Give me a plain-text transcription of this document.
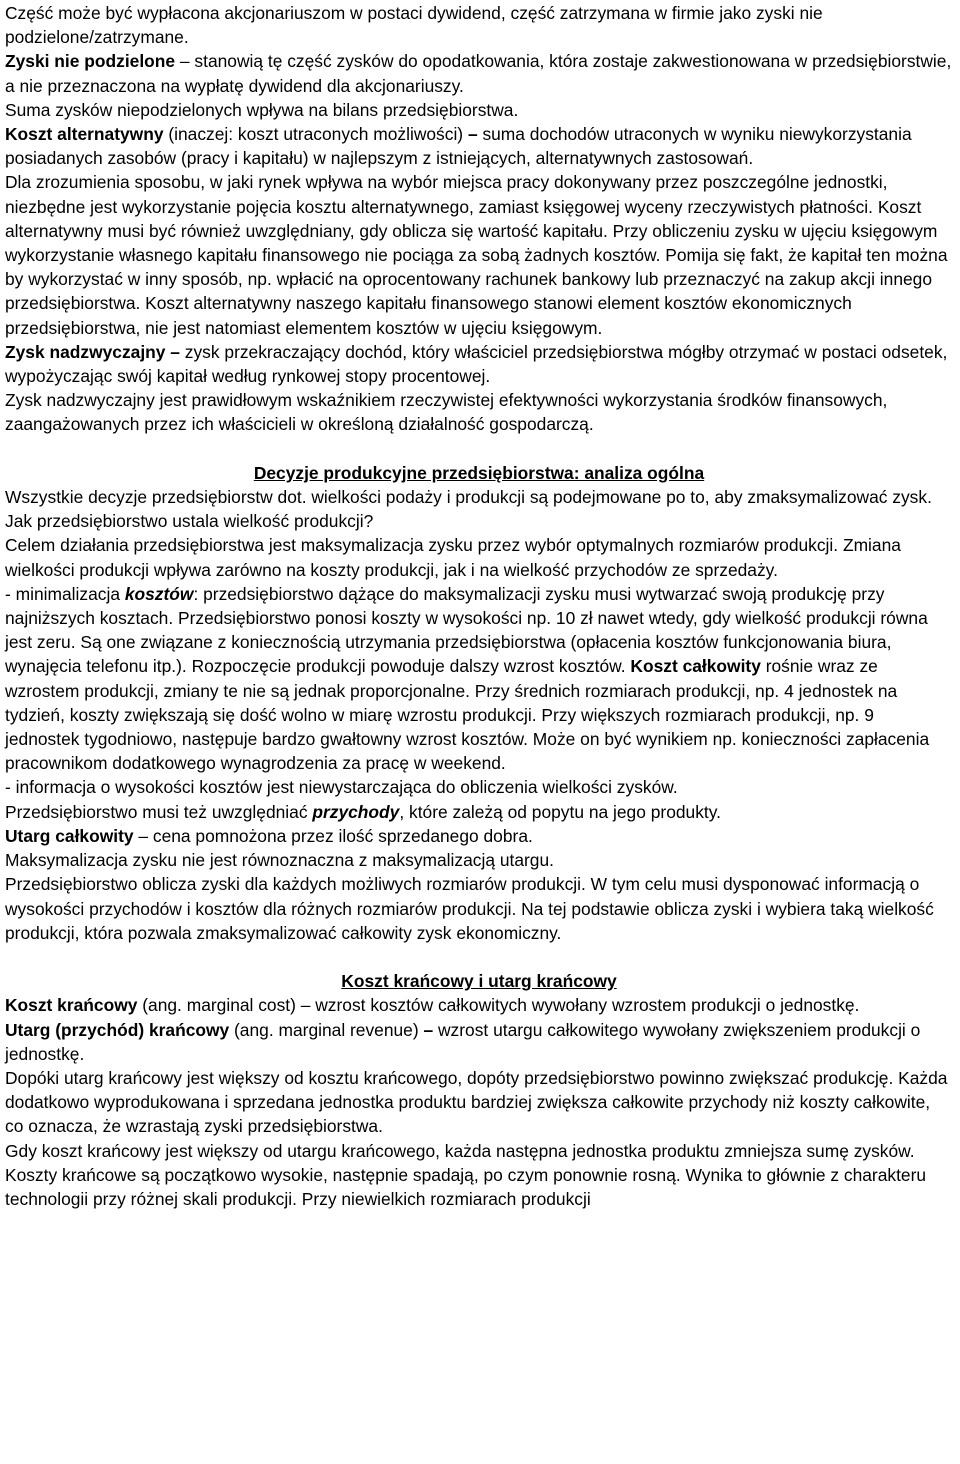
Część może być wypłacona akcjonariuszom w postaci dywidend, część zatrzymana w firmie jako zyski nie podzielone/zatrzymane.

Zyski nie podzielone – stanowią tę część zysków do opodatkowania, która zostaje zakwestionowana w przedsiębiorstwie, a nie przeznaczona na wypłatę dywidend dla akcjonariuszy.

Suma zysków niepodzielonych wpływa na bilans przedsiębiorstwa.

Koszt alternatywny (inaczej: koszt utraconych możliwości) – suma dochodów utraconych w wyniku niewykorzystania posiadanych zasobów (pracy i kapitału) w najlepszym z istniejących, alternatywnych zastosowań.

Dla zrozumienia sposobu, w jaki rynek wpływa na wybór miejsca pracy dokonywany przez poszczególne jednostki, niezbędne jest wykorzystanie pojęcia kosztu alternatywnego, zamiast księgowej wyceny rzeczywistych płatności. Koszt alternatywny musi być również uwzględniany, gdy oblicza się wartość kapitału. Przy obliczeniu zysku w ujęciu księgowym wykorzystanie własnego kapitału finansowego nie pociąga za sobą żadnych kosztów. Pomija się fakt, że kapitał ten można by wykorzystać w inny sposób, np. wpłacić na oprocentowany rachunek bankowy lub przeznaczyć na zakup akcji innego przedsiębiorstwa. Koszt alternatywny naszego kapitału finansowego stanowi element kosztów ekonomicznych przedsiębiorstwa, nie jest natomiast elementem kosztów w ujęciu księgowym.

Zysk nadzwyczajny – zysk przekraczający dochód, który właściciel przedsiębiorstwa mógłby otrzymać w postaci odsetek, wypożyczając swój kapitał według rynkowej stopy procentowej.

Zysk nadzwyczajny jest prawidłowym wskaźnikiem rzeczywistej efektywności wykorzystania środków finansowych, zaangażowanych przez ich właścicieli w określoną działalność gospodarczą.

Decyzje produkcyjne przedsiębiorstwa: analiza ogólna

Wszystkie decyzje przedsiębiorstw dot. wielkości podaży i produkcji są podejmowane po to, aby zmaksymalizować zysk.

Jak przedsiębiorstwo ustala wielkość produkcji?

Celem działania przedsiębiorstwa jest maksymalizacja zysku przez wybór optymalnych rozmiarów produkcji. Zmiana wielkości produkcji wpływa zarówno na koszty produkcji, jak i na wielkość przychodów ze sprzedaży.

- minimalizacja kosztów: przedsiębiorstwo dążące do maksymalizacji zysku musi wytwarzać swoją produkcję przy najniższych kosztach. Przedsiębiorstwo ponosi koszty w wysokości np. 10 zł nawet wtedy, gdy wielkość produkcji równa jest zeru. Są one związane z koniecznością utrzymania przedsiębiorstwa (opłacenia kosztów funkcjonowania biura, wynajęcia telefonu itp.). Rozpoczęcie produkcji powoduje dalszy wzrost kosztów. Koszt całkowity rośnie wraz ze wzrostem produkcji, zmiany te nie są jednak proporcjonalne. Przy średnich rozmiarach produkcji, np. 4 jednostek na tydzień, koszty zwiększają się dość wolno w miarę wzrostu produkcji. Przy większych rozmiarach produkcji, np. 9 jednostek tygodniowo, następuje bardzo gwałtowny wzrost kosztów. Może on być wynikiem np. konieczności zapłacenia pracownikom dodatkowego wynagrodzenia za pracę w weekend.

- informacja o wysokości kosztów jest niewystarczająca do obliczenia wielkości zysków.

Przedsiębiorstwo musi też uwzględniać przychody, które zależą od popytu na jego produkty.

Utarg całkowity – cena pomnożona przez ilość sprzedanego dobra.

Maksymalizacja zysku nie jest równoznaczna z maksymalizacją utargu.

Przedsiębiorstwo oblicza zyski dla każdych możliwych rozmiarów produkcji. W tym celu musi dysponować informacją o wysokości przychodów i kosztów dla różnych rozmiarów produkcji. Na tej podstawie oblicza zyski i wybiera taką wielkość produkcji, która pozwala zmaksymalizować całkowity zysk ekonomiczny.

Koszt krańcowy i utarg krańcowy

Koszt krańcowy (ang. marginal cost) – wzrost kosztów całkowitych wywołany wzrostem produkcji o jednostkę.

Utarg (przychód) krańcowy (ang. marginal revenue) – wzrost utargu całkowitego wywołany zwiększeniem produkcji o jednostkę.

Dopóki utarg krańcowy jest większy od kosztu krańcowego, dopóty przedsiębiorstwo powinno zwiększać produkcję. Każda dodatkowo wyprodukowana i sprzedana jednostka produktu bardziej zwiększa całkowite przychody niż koszty całkowite, co oznacza, że wzrastają zyski przedsiębiorstwa.

Gdy koszt krańcowy jest większy od utargu krańcowego, każda następna jednostka produktu zmniejsza sumę zysków.

Koszty krańcowe są początkowo wysokie, następnie spadają, po czym ponownie rosną. Wynika to głównie z charakteru technologii przy różnej skali produkcji. Przy niewielkich rozmiarach produkcji
